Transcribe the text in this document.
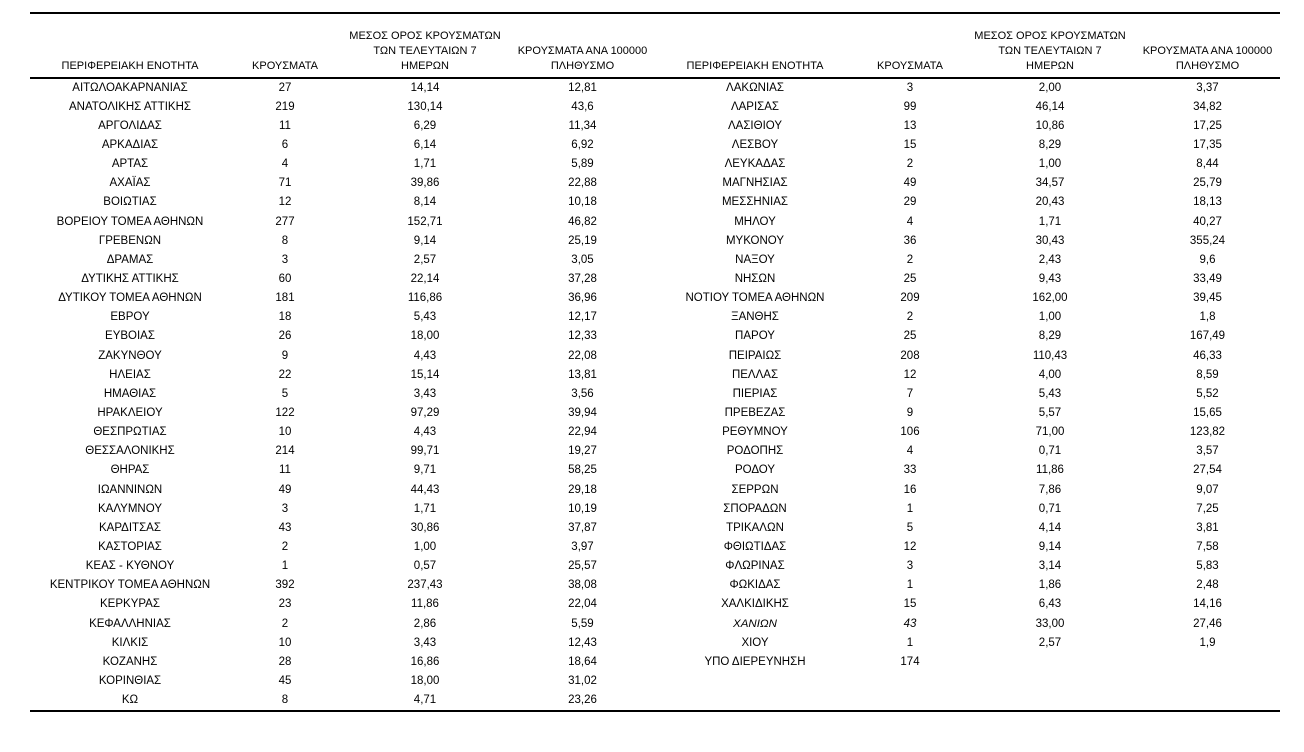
ΠΕΡΙΦΕΡΕΙΑΚΗ ΕΝΟΤΗΤΑ	ΚΡΟΥΣΜΑΤΑ	ΜΕΣΟΣ ΟΡΟΣ ΚΡΟΥΣΜΑΤΩΝ
ΤΩΝ ΤΕΛΕΥΤΑΙΩΝ 7
ΗΜΕΡΩΝ	ΚΡΟΥΣΜΑΤΑ ΑΝΑ 100000
ΠΛΗΘΥΣΜΟ

ΑΙΤΩΛΟΑΚΑΡΝΑΝΙΑΣ	27	14,14	12,81
ΑΝΑΤΟΛΙΚΗΣ ΑΤΤΙΚΗΣ	219	130,14	43,6
ΑΡΓΟΛΙΔΑΣ	11	6,29	11,34
ΑΡΚΑΔΙΑΣ	6	6,14	6,92
ΑΡΤΑΣ	4	1,71	5,89
ΑΧΑΪΑΣ	71	39,86	22,88
ΒΟΙΩΤΙΑΣ	12	8,14	10,18
ΒΟΡΕΙΟΥ ΤΟΜΕΑ ΑΘΗΝΩΝ	277	152,71	46,82
ΓΡΕΒΕΝΩΝ	8	9,14	25,19
ΔΡΑΜΑΣ	3	2,57	3,05
ΔΥΤΙΚΗΣ ΑΤΤΙΚΗΣ	60	22,14	37,28
ΔΥΤΙΚΟΥ ΤΟΜΕΑ ΑΘΗΝΩΝ	181	116,86	36,96
ΕΒΡΟΥ	18	5,43	12,17
ΕΥΒΟΙΑΣ	26	18,00	12,33
ΖΑΚΥΝΘΟΥ	9	4,43	22,08
ΗΛΕΙΑΣ	22	15,14	13,81
ΗΜΑΘΙΑΣ	5	3,43	3,56
ΗΡΑΚΛΕΙΟΥ	122	97,29	39,94
ΘΕΣΠΡΩΤΙΑΣ	10	4,43	22,94
ΘΕΣΣΑΛΟΝΙΚΗΣ	214	99,71	19,27
ΘΗΡΑΣ	11	9,71	58,25
ΙΩΑΝΝΙΝΩΝ	49	44,43	29,18
ΚΑΛΥΜΝΟΥ	3	1,71	10,19
ΚΑΡΔΙΤΣΑΣ	43	30,86	37,87
ΚΑΣΤΟΡΙΑΣ	2	1,00	3,97
ΚΕΑΣ - ΚΥΘΝΟΥ	1	0,57	25,57
ΚΕΝΤΡΙΚΟΥ ΤΟΜΕΑ ΑΘΗΝΩΝ	392	237,43	38,08
ΚΕΡΚΥΡΑΣ	23	11,86	22,04
ΚΕΦΑΛΛΗΝΙΑΣ	2	2,86	5,59
ΚΙΛΚΙΣ	10	3,43	12,43
ΚΟΖΑΝΗΣ	28	16,86	18,64
ΚΟΡΙΝΘΙΑΣ	45	18,00	31,02
ΚΩ	8	4,71	23,26
ΠΕΡΙΦΕΡΕΙΑΚΗ ΕΝΟΤΗΤΑ	ΚΡΟΥΣΜΑΤΑ	ΜΕΣΟΣ ΟΡΟΣ ΚΡΟΥΣΜΑΤΩΝ
ΤΩΝ ΤΕΛΕΥΤΑΙΩΝ 7
ΗΜΕΡΩΝ	ΚΡΟΥΣΜΑΤΑ ΑΝΑ 100000
ΠΛΗΘΥΣΜΟ

ΛΑΚΩΝΙΑΣ	3	2,00	3,37
ΛΑΡΙΣΑΣ	99	46,14	34,82
ΛΑΣΙΘΙΟΥ	13	10,86	17,25
ΛΕΣΒΟΥ	15	8,29	17,35
ΛΕΥΚΑΔΑΣ	2	1,00	8,44
ΜΑΓΝΗΣΙΑΣ	49	34,57	25,79
ΜΕΣΣΗΝΙΑΣ	29	20,43	18,13
ΜΗΛΟΥ	4	1,71	40,27
ΜΥΚΟΝΟΥ	36	30,43	355,24
ΝΑΞΟΥ	2	2,43	9,6
ΝΗΣΩΝ	25	9,43	33,49
ΝΟΤΙΟΥ ΤΟΜΕΑ ΑΘΗΝΩΝ	209	162,00	39,45
ΞΑΝΘΗΣ	2	1,00	1,8
ΠΑΡΟΥ	25	8,29	167,49
ΠΕΙΡΑΙΩΣ	208	110,43	46,33
ΠΕΛΛΑΣ	12	4,00	8,59
ΠΙΕΡΙΑΣ	7	5,43	5,52
ΠΡΕΒΕΖΑΣ	9	5,57	15,65
ΡΕΘΥΜΝΟΥ	106	71,00	123,82
ΡΟΔΟΠΗΣ	4	0,71	3,57
ΡΟΔΟΥ	33	11,86	27,54
ΣΕΡΡΩΝ	16	7,86	9,07
ΣΠΟΡΑΔΩΝ	1	0,71	7,25
ΤΡΙΚΑΛΩΝ	5	4,14	3,81
ΦΘΙΩΤΙΔΑΣ	12	9,14	7,58
ΦΛΩΡΙΝΑΣ	3	3,14	5,83
ΦΩΚΙΔΑΣ	1	1,86	2,48
ΧΑΛΚΙΔΙΚΗΣ	15	6,43	14,16
ΧΑΝΙΩΝ	43	33,00	27,46
ΧΙΟΥ	1	2,57	1,9
ΥΠΟ ΔΙΕΡΕΥΝΗΣΗ	174		
